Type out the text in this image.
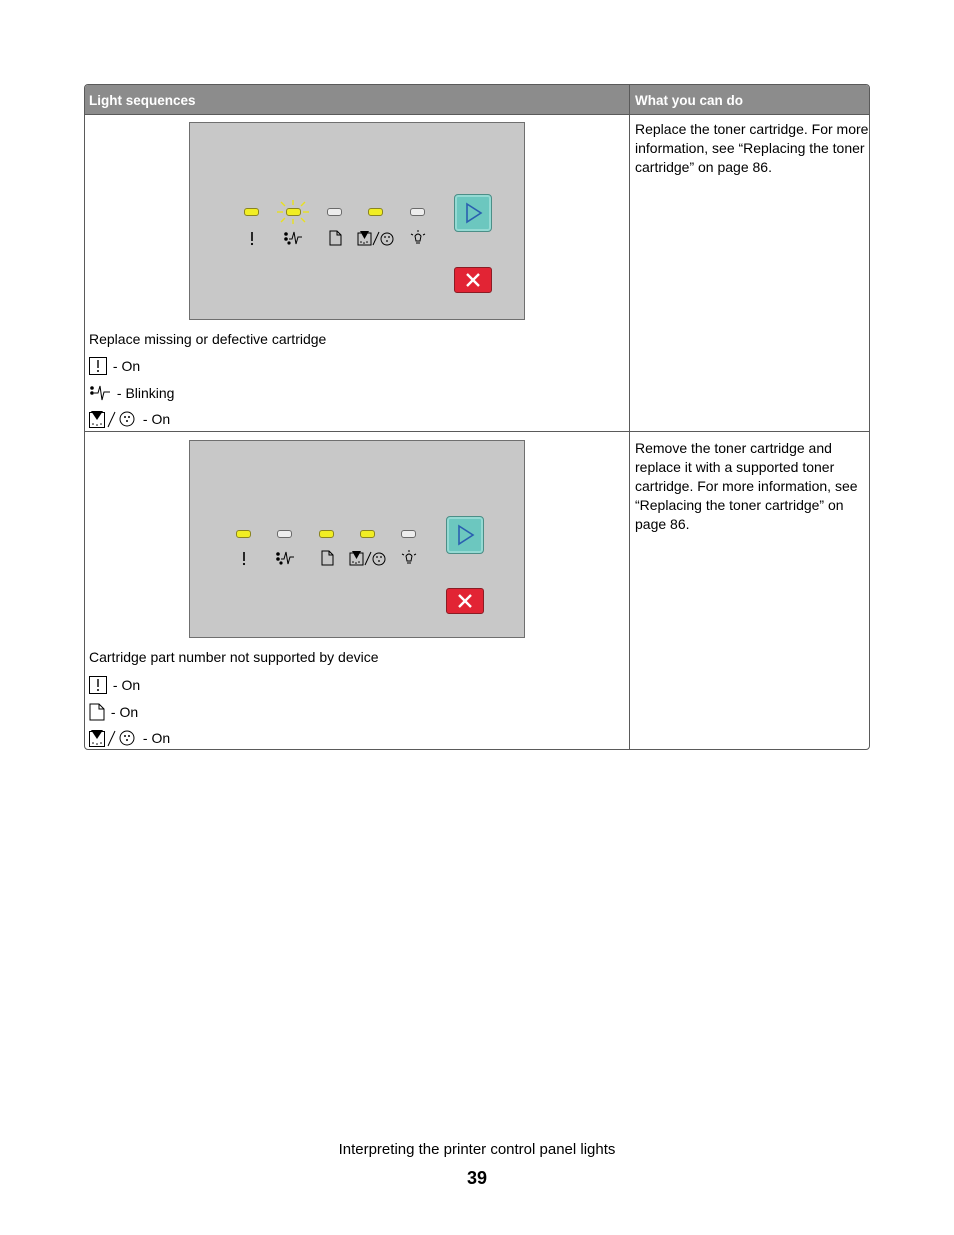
Light sequences	What you can do
Replace missing or defective cartridge
- On
- Blinking
- On
Replace the toner cartridge. For more information, see “Replacing the toner cartridge” on page 86.
Cartridge part number not supported by device
- On
- On
- On
Remove the toner cartridge and replace it with a supported toner cartridge. For more information, see “Replacing the toner cartridge” on page 86.
Interpreting the printer control panel lights
39
